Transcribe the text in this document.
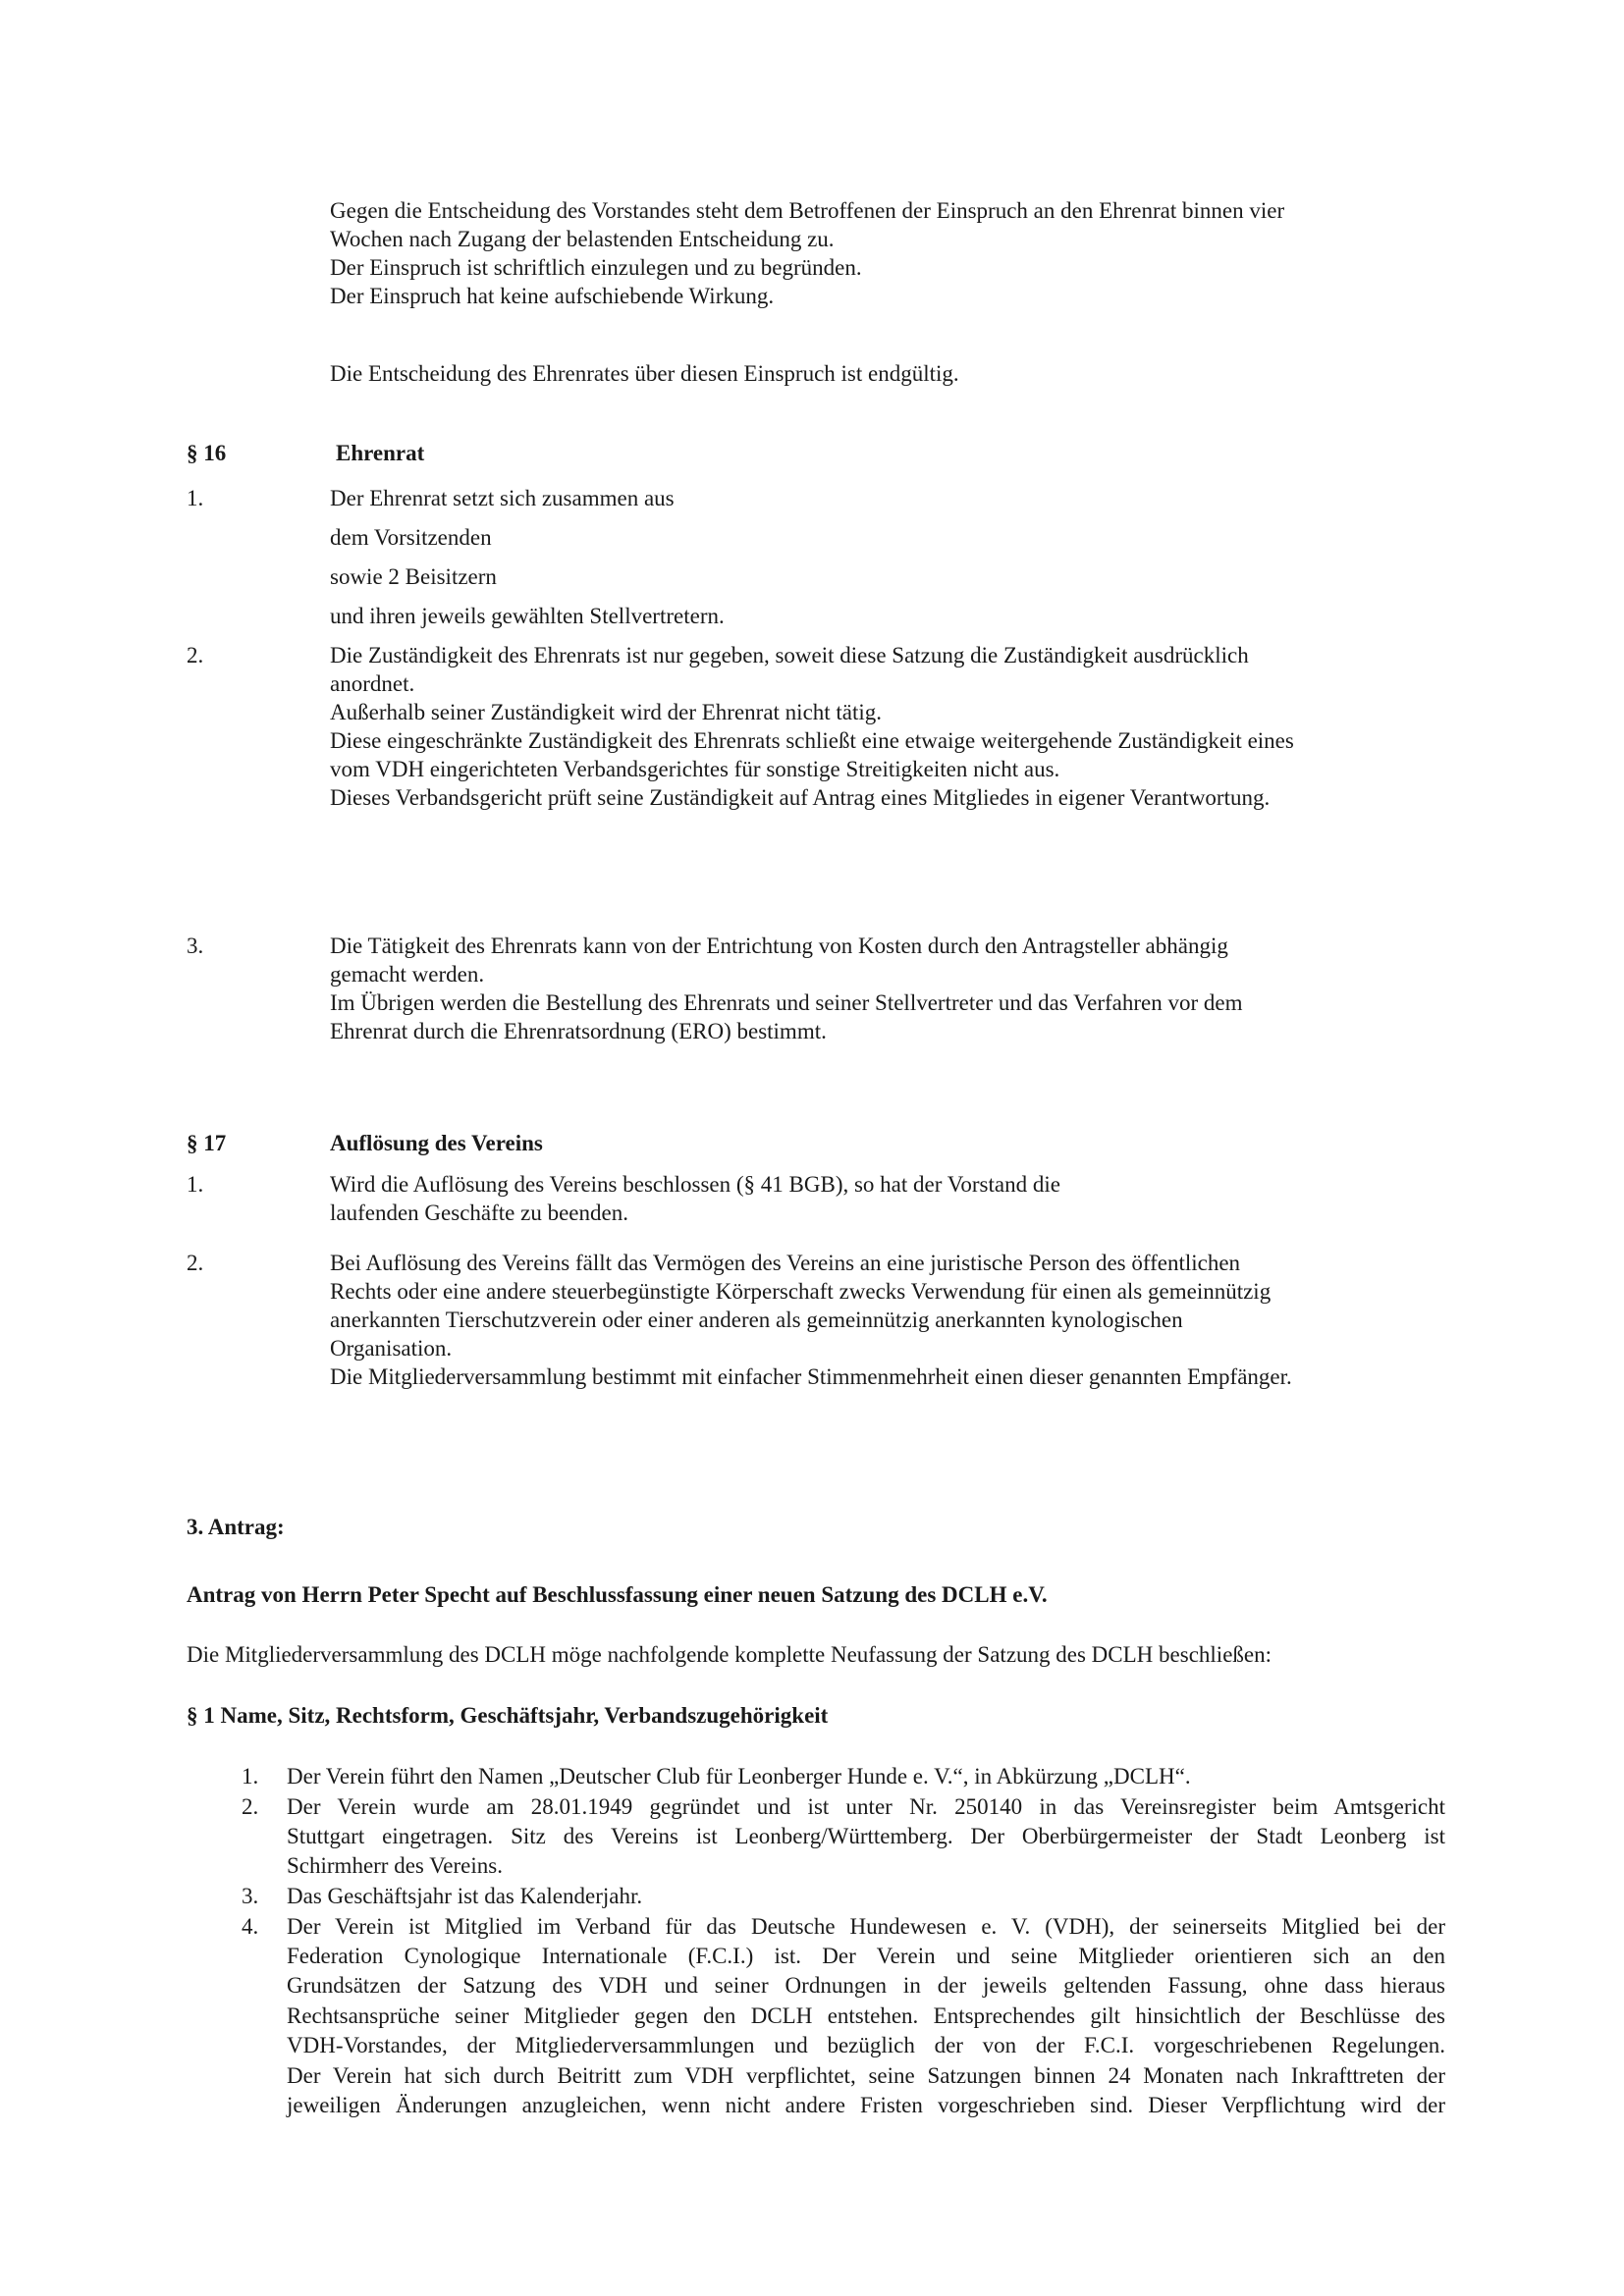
Gegen die Entscheidung des Vorstandes steht dem Betroffenen der Einspruch an den Ehrenrat binnen vier
Wochen nach Zugang der belastenden Entscheidung zu.
Der Einspruch ist schriftlich einzulegen und zu begründen.
Der Einspruch hat keine aufschiebende Wirkung.
Die Entscheidung des Ehrenrates über diesen Einspruch ist endgültig.
§ 16	Ehrenrat
1.	Der Ehrenrat setzt sich zusammen aus
dem Vorsitzenden
sowie 2 Beisitzern
und ihren jeweils gewählten Stellvertretern.
2.	Die Zuständigkeit des Ehrenrats ist nur gegeben, soweit diese Satzung die Zuständigkeit ausdrücklich
anordnet.
Außerhalb seiner Zuständigkeit wird der Ehrenrat nicht tätig.
Diese eingeschränkte Zuständigkeit des Ehrenrats schließt eine etwaige weitergehende Zuständigkeit eines
vom VDH eingerichteten Verbandsgerichtes für sonstige Streitigkeiten nicht aus.
Dieses Verbandsgericht prüft seine Zuständigkeit auf Antrag eines Mitgliedes in eigener Verantwortung.
3.	Die Tätigkeit des Ehrenrats kann von der Entrichtung von Kosten durch den Antragsteller abhängig
gemacht werden.
Im Übrigen werden die Bestellung des Ehrenrats und seiner Stellvertreter und das Verfahren vor dem
Ehrenrat durch die Ehrenratsordnung (ERO) bestimmt.
§ 17	Auflösung des Vereins
1.	Wird die Auflösung des Vereins beschlossen (§ 41 BGB), so hat der Vorstand die
laufenden Geschäfte zu beenden.
2.	Bei Auflösung des Vereins fällt das Vermögen des Vereins an eine juristische Person des öffentlichen
Rechts oder eine andere steuerbegünstigte Körperschaft zwecks Verwendung für einen als gemeinnützig
anerkannten Tierschutzverein oder einer anderen als gemeinnützig anerkannten kynologischen
Organisation.
Die Mitgliederversammlung bestimmt mit einfacher Stimmenmehrheit einen dieser genannten Empfänger.
3. Antrag:
Antrag von Herrn Peter Specht auf Beschlussfassung einer neuen Satzung des DCLH e.V.
Die Mitgliederversammlung des DCLH möge nachfolgende komplette Neufassung der Satzung des DCLH beschließen:
§ 1 Name, Sitz, Rechtsform, Geschäftsjahr, Verbandszugehörigkeit
1. Der Verein führt den Namen „Deutscher Club für Leonberger Hunde e. V.“, in Abkürzung „DCLH“.
2. Der Verein wurde am 28.01.1949 gegründet und ist unter Nr. 250140 in das Vereinsregister beim Amtsgericht
Stuttgart eingetragen. Sitz des Vereins ist Leonberg/Württemberg. Der Oberbürgermeister der Stadt Leonberg ist
Schirmherr des Vereins.
3. Das Geschäftsjahr ist das Kalenderjahr.
4. Der Verein ist Mitglied im Verband für das Deutsche Hundewesen e. V. (VDH), der seinerseits Mitglied bei der
Federation Cynologique Internationale (F.C.I.) ist. Der Verein und seine Mitglieder orientieren sich an den
Grundsätzen der Satzung des VDH und seiner Ordnungen in der jeweils geltenden Fassung, ohne dass hieraus
Rechtsansprüche seiner Mitglieder gegen den DCLH entstehen. Entsprechendes gilt hinsichtlich der Beschlüsse des
VDH-Vorstandes, der Mitgliederversammlungen und bezüglich der von der F.C.I. vorgeschriebenen Regelungen.
Der Verein hat sich durch Beitritt zum VDH verpflichtet, seine Satzungen binnen 24 Monaten nach Inkrafttreten der
jeweiligen Änderungen anzugleichen, wenn nicht andere Fristen vorgeschrieben sind. Dieser Verpflichtung wird der
